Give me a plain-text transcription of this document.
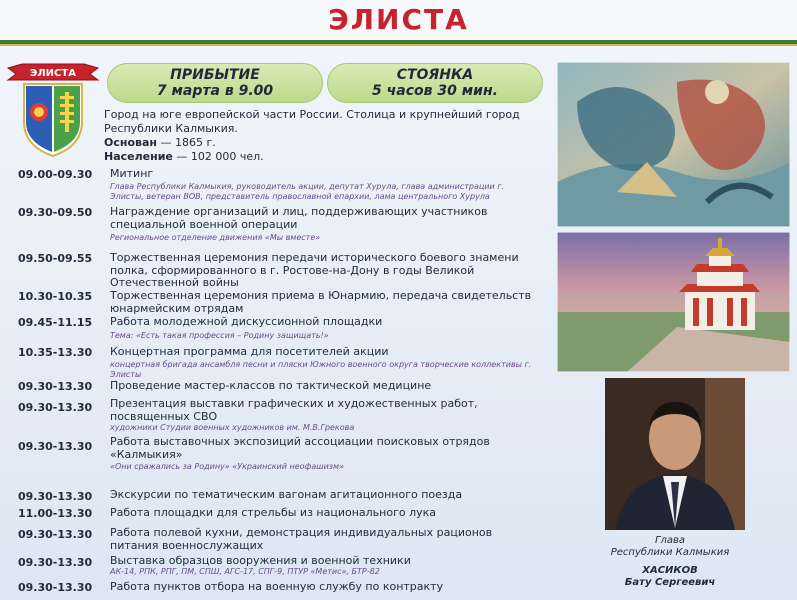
ЭЛИСТА
ЭЛИСТА	ПРИБЫТИЕ
7 марта в 9.00
СТОЯНКА
5 часов 30 мин.
Город на юге европейской части России. Столица и крупнейший город Республики Калмыкия.
Основан — 1865 г.
Население — 102 000 чел.
09.00-09.30 Митинг
Глава Республики Калмыкия, руководитель акции, депутат Хурула, глава администрации г. Элисты, ветеран ВОВ, представитель православной епархии, лама центрального Хурула
09.30-09.50 Награждение организаций и лиц, поддерживающих участников специальной военной операции
Региональное отделение движения «Мы вместе»
09.50-09.55 Торжественная церемония передачи исторического боевого знамени полка, сформированного в г. Ростове-на-Дону в годы Великой Отечественной войны
10.30-10.35 Торжественная церемония приема в Юнармию, передача свидетельств юнармейским отрядам
09.45-11.15 Работа молодежной дискуссионной площадки
Тема: «Есть такая профессия – Родину защищать!»
10.35-13.30 Концертная программа для посетителей акции
концертная бригада ансамбля песни и пляски Южного военного округа творческие коллективы г. Элисты
09.30-13.30 Проведение мастер-классов по тактической медицине
09.30-13.30 Презентация выставки графических и художественных работ, посвященных СВО
художники Студии военных художников им. М.В.Грекова
09.30-13.30 Работа выставочных экспозиций ассоциации поисковых отрядов «Калмыкия»
«Они сражались за Родину» «Украинский неофашизм»
09.30-13.30 Экскурсии по тематическим вагонам агитационного поезда
11.00-13.30 Работа площадки для стрельбы из национального лука
09.30-13.30 Работа полевой кухни, демонстрация индивидуальных рационов питания военнослужащих
09.30-13.30 Выставка образцов вооружения и военной техники
АК-14, РПК, РПГ, ПМ, СПШ, АГС-17, СПГ-9, ПТУР «Метис», БТР-82
09.30-13.30 Работа пунктов отбора на военную службу по контракту
Глава
Республики Калмыкия
ХАСИКОВ
Бату Сергеевич
